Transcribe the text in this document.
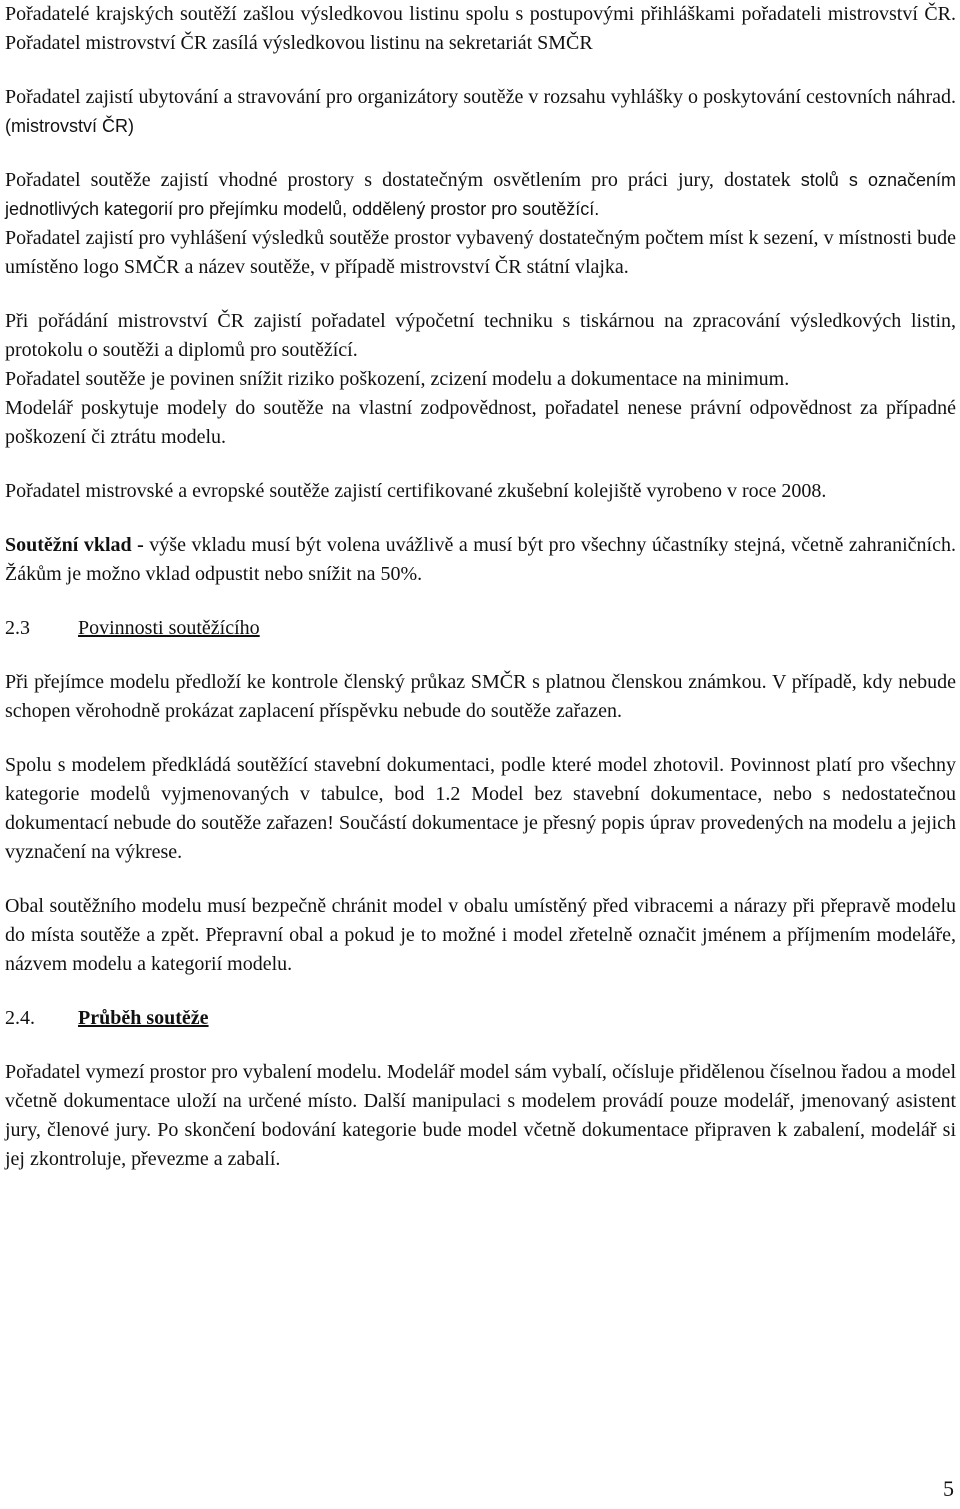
Pořadatelé krajských soutěží zašlou výsledkovou listinu spolu s postupovými přihláškami pořadateli mistrovství ČR. Pořadatel mistrovství ČR zasílá výsledkovou listinu na sekretariát SMČR

Pořadatel zajistí ubytování a stravování pro organizátory soutěže v rozsahu vyhlášky o poskytování cestovních náhrad. (mistrovství ČR)

Pořadatel soutěže zajistí vhodné prostory s dostatečným osvětlením pro práci jury, dostatek stolů s označením jednotlivých kategorií pro přejímku modelů, oddělený prostor pro soutěžící.

Pořadatel zajistí pro vyhlášení výsledků soutěže prostor vybavený dostatečným počtem míst k sezení, v místnosti bude umístěno logo SMČR a název soutěže, v případě mistrovství ČR státní vlajka.

Při pořádání mistrovství ČR zajistí pořadatel výpočetní techniku s tiskárnou na zpracování výsledkových listin, protokolu o soutěži a diplomů pro soutěžící.

Pořadatel soutěže je povinen snížit riziko poškození, zcizení modelu a dokumentace na minimum.

Modelář poskytuje modely do soutěže na vlastní zodpovědnost, pořadatel nenese právní odpovědnost za případné poškození či ztrátu modelu.

Pořadatel mistrovské a evropské soutěže zajistí certifikované zkušební kolejiště vyrobeno v roce 2008.

Soutěžní vklad - výše vkladu musí být volena uvážlivě a musí být pro všechny účastníky stejná, včetně zahraničních. Žákům je možno vklad odpustit nebo snížit na 50%.

2.3	Povinnosti soutěžícího

Při přejímce modelu předloží ke kontrole členský průkaz SMČR s platnou členskou známkou. V případě, kdy nebude schopen věrohodně prokázat zaplacení příspěvku nebude do soutěže zařazen.

Spolu s modelem předkládá soutěžící stavební dokumentaci, podle které model zhotovil. Povinnost platí pro všechny kategorie modelů vyjmenovaných v tabulce, bod 1.2 Model bez stavební dokumentace, nebo s nedostatečnou dokumentací nebude do soutěže zařazen! Součástí dokumentace je přesný popis úprav provedených na modelu a jejich vyznačení na výkrese.

Obal soutěžního modelu musí bezpečně chránit model v obalu umístěný před vibracemi a nárazy při přepravě modelu do místa soutěže a zpět. Přepravní obal a pokud je to možné i model zřetelně označit jménem a příjmením modeláře, názvem modelu a kategorií modelu.

2.4.	Průběh soutěže

Pořadatel vymezí prostor pro vybalení modelu. Modelář model sám vybalí, očísluje přidělenou číselnou řadou a model včetně dokumentace uloží na určené místo. Další manipulaci s modelem provádí pouze modelář, jmenovaný asistent jury, členové jury. Po skončení bodování kategorie bude model včetně dokumentace připraven k zabalení, modelář si jej zkontroluje, převezme a zabalí.

5
